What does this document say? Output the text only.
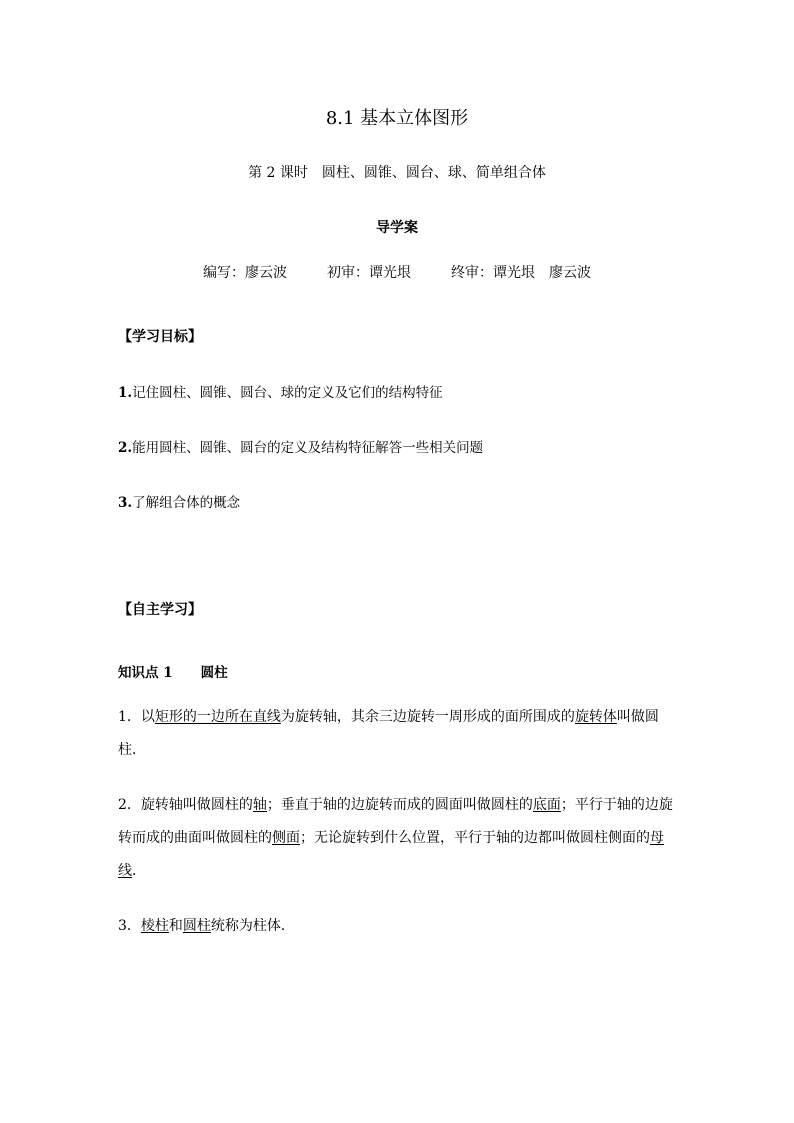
8.1 基本立体图形
第 2 课时 圆柱、圆锥、圆台、球、简单组合体
导学案
编写：廖云波	初审：谭光垠	终审：谭光垠　廖云波
【学习目标】
1.记住圆柱、圆锥、圆台、球的定义及它们的结构特征
2.能用圆柱、圆锥、圆台的定义及结构特征解答一些相关问题
3.了解组合体的概念
【自主学习】
知识点 1 圆柱
1．以矩形的一边所在直线为旋转轴，其余三边旋转一周形成的面所围成的旋转体叫做圆柱．
2．旋转轴叫做圆柱的轴；垂直于轴的边旋转而成的圆面叫做圆柱的底面；平行于轴的边旋转而成的曲面叫做圆柱的侧面；无论旋转到什么位置，平行于轴的边都叫做圆柱侧面的母线．
3．棱柱和圆柱统称为柱体．
